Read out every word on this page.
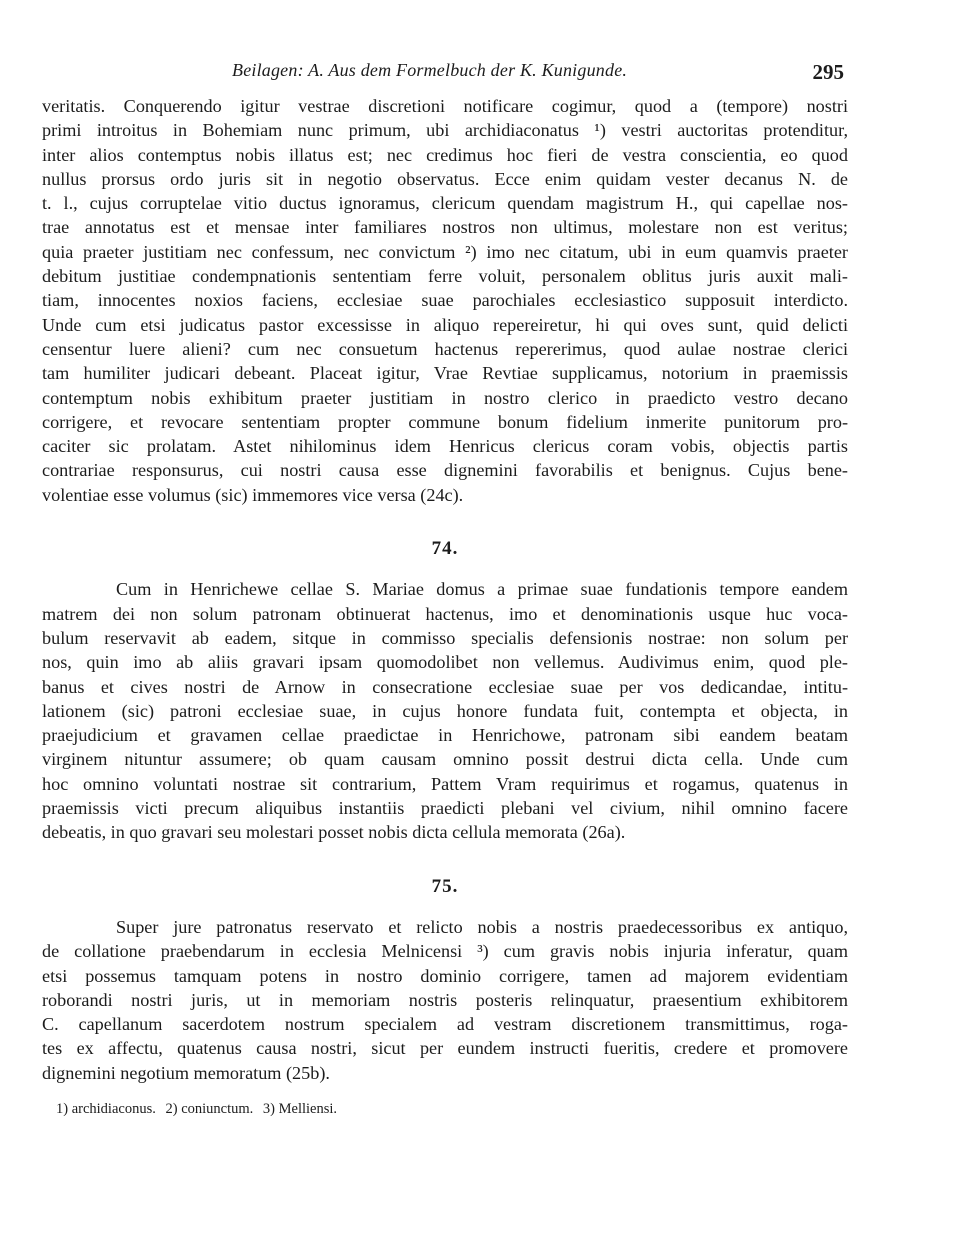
Beilagen: A. Aus dem Formelbuch der K. Kunigunde.	295

veritatis. Conquerendo igitur vestrae discretioni notificare cogimur, quod a (tempore) nostri
primi introitus in Bohemiam nunc primum, ubi archidiaconatus ¹) vestri auctoritas protenditur,
inter alios contemptus nobis illatus est; nec credimus hoc fieri de vestra conscientia, eo quod
nullus prorsus ordo juris sit in negotio observatus. Ecce enim quidam vester decanus N. de
t. l., cujus corruptelae vitio ductus ignoramus, clericum quendam magistrum H., qui capellae nos-
trae annotatus est et mensae inter familiares nostros non ultimus, molestare non est veritus;
quia praeter justitiam nec confessum, nec convictum ²) imo nec citatum, ubi in eum quamvis praeter
debitum justitiae condempnationis sententiam ferre voluit, personalem oblitus juris auxit mali-
tiam, innocentes noxios faciens, ecclesiae suae parochiales ecclesiastico supposuit interdicto.
Unde cum etsi judicatus pastor excessisse in aliquo repereiretur, hi qui oves sunt, quid delicti
censentur luere alieni? cum nec consuetum hactenus repererimus, quod aulae nostrae clerici
tam humiliter judicari debeant. Placeat igitur, Vrae Revtiae supplicamus, notorium in praemissis
contemptum nobis exhibitum praeter justitiam in nostro clerico in praedicto vestro decano
corrigere, et revocare sententiam propter commune bonum fidelium inmerite punitorum pro-
caciter sic prolatam. Astet nihilominus idem Henricus clericus coram vobis, objectis partis
contrariae responsurus, cui nostri causa esse dignemini favorabilis et benignus. Cujus bene-
volentiae esse volumus (sic) immemores vice versa (24c).

74.

Cum in Henrichewe cellae S. Mariae domus a primae suae fundationis tempore eandem
matrem dei non solum patronam obtinuerat hactenus, imo et denominationis usque huc voca-
bulum reservavit ab eadem, sitque in commisso specialis defensionis nostrae: non solum per
nos, quin imo ab aliis gravari ipsam quomodolibet non vellemus. Audivimus enim, quod ple-
banus et cives nostri de Arnow in consecratione ecclesiae suae per vos dedicandae, intitu-
lationem (sic) patroni ecclesiae suae, in cujus honore fundata fuit, contempta et objecta, in
praejudicium et gravamen cellae praedictae in Henrichowe, patronam sibi eandem beatam
virginem nituntur assumere; ob quam causam omnino possit destrui dicta cella. Unde cum
hoc omnino voluntati nostrae sit contrarium, Pattem Vram requirimus et rogamus, quatenus in
praemissis victi precum aliquibus instantiis praedicti plebani vel civium, nihil omnino facere
debeatis, in quo gravari seu molestari posset nobis dicta cellula memorata (26a).

75.

Super jure patronatus reservato et relicto nobis a nostris praedecessoribus ex antiquo,
de collatione praebendarum in ecclesia Melnicensi ³) cum gravis nobis injuria inferatur, quam
etsi possemus tamquam potens in nostro dominio corrigere, tamen ad majorem evidentiam
roborandi nostri juris, ut in memoriam nostris posteris relinquatur, praesentium exhibitorem
C. capellanum sacerdotem nostrum specialem ad vestram discretionem transmittimus, roga-
tes ex affectu, quatenus causa nostri, sicut per eundem instructi fueritis, credere et promovere
dignemini negotium memoratum (25b).

1) archidiaconus. 2) coniunctum. 3) Melliensi.
